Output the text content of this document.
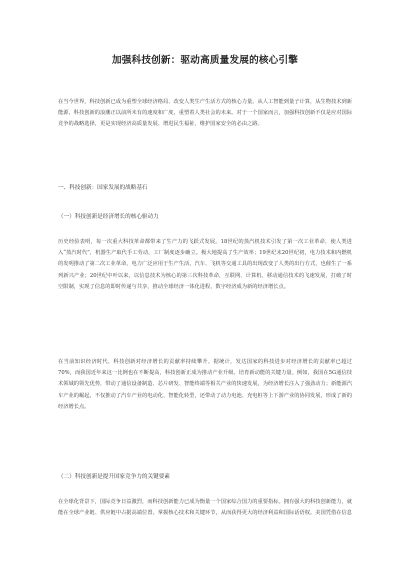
加强科技创新：驱动高质量发展的核心引擎
在当今世界，科技创新已成为重塑全球经济格局、改变人类生产生活方式的核心力量。从人工智能到量子计算，从生物技术到新能源，科技创新的浪潮正以前所未有的速度和广度，重塑着人类社会的未来。对于一个国家而言，加强科技创新不仅是应对国际竞争的战略选择，更是实现经济高质量发展、增进民生福祉、维护国家安全的必由之路。
一、科技创新：国家发展的战略基石
（一）科技创新是经济增长的核心驱动力
历史经验表明，每一次重大科技革命都带来了生产力的飞跃式发展。18世纪的蒸汽机技术引发了第一次工业革命，使人类进入“蒸汽时代”，机器生产取代手工劳动，工厂制度逐步确立。极大地提高了生产效率；19世纪末20世纪初，电力技术和内燃机的发明推动了第二次工业革命，电力广泛应用于生产生活，汽车、飞机等交通工具的出现改变了人类的出行方式，也催生了一系列新兴产业；20世纪中叶以来，以信息技术为核心的第三次科技革命，互联网、计算机、移动通信技术的飞速发展，打破了时空限制，实现了信息的即时传递与共享，推动全球经济一体化进程，数字经济成为新的经济增长点。
在当前知识经济时代，科技创新对经济增长的贡献率持续攀升。据统计，发达国家的科技进步对经济增长的贡献率已超过70%，而我国近年来这一比例也在不断提高，科技创新正成为推动产业升级、培育新动能的关键力量。例如，我国在5G通信技术领域的领先优势，带动了通信设备制造、芯片研发、智能终端等相关产业的快速发展，为经济增长注入了强劲动力；新能源汽车产业的崛起，不仅推动了汽车产业的电动化、智能化转型，还带动了动力电池、充电桩等上下游产业的协同发展，形成了新的经济增长点。
（二）科技创新是提升国家竞争力的关键要素
在全球化背景下，国际竞争日益激烈，而科技创新能力已成为衡量一个国家综合国力的重要指标。拥有强大的科技创新能力，就能在全球产业链、供应链中占据高端位置，掌握核心技术和关键环节，从而获得更大的经济利益和国际话语权。美国凭借在信息
